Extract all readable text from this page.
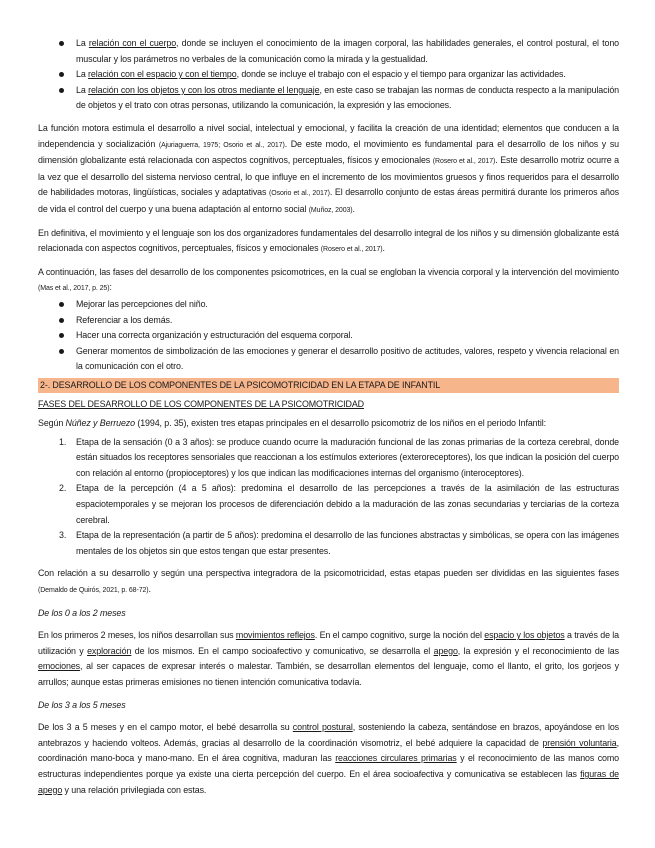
La relación con el cuerpo, donde se incluyen el conocimiento de la imagen corporal, las habilidades generales, el control postural, el tono muscular y los parámetros no verbales de la comunicación como la mirada y la gestualidad.
La relación con el espacio y con el tiempo, donde se incluye el trabajo con el espacio y el tiempo para organizar las actividades.
La relación con los objetos y con los otros mediante el lenguaje, en este caso se trabajan las normas de conducta respecto a la manipulación de objetos y el trato con otras personas, utilizando la comunicación, la expresión y las emociones.

La función motora estimula el desarrollo a nivel social, intelectual y emocional, y facilita la creación de una identidad; elementos que conducen a la independencia y socialización (Ajuriaguerra, 1975; Osorio et al., 2017). De este modo, el movimiento es fundamental para el desarrollo de los niños y su dimensión globalizante está relacionada con aspectos cognitivos, perceptuales, físicos y emocionales (Rosero et al., 2017). Este desarrollo motriz ocurre a la vez que el desarrollo del sistema nervioso central, lo que influye en el incremento de los movimientos gruesos y finos requeridos para el desarrollo de habilidades motoras, lingüísticas, sociales y adaptativas (Osorio et al., 2017). El desarrollo conjunto de estas áreas permitirá durante los primeros años de vida el control del cuerpo y una buena adaptación al entorno social (Muñoz, 2003).

En definitiva, el movimiento y el lenguaje son los dos organizadores fundamentales del desarrollo integral de los niños y su dimensión globalizante está relacionada con aspectos cognitivos, perceptuales, físicos y emocionales (Rosero et al., 2017).

A continuación, las fases del desarrollo de los componentes psicomotrices, en la cual se engloban la vivencia corporal y la intervención del movimiento (Mas et al., 2017, p. 25):

Mejorar las percepciones del niño.
Referenciar a los demás.
Hacer una correcta organización y estructuración del esquema corporal.
Generar momentos de simbolización de las emociones y generar el desarrollo positivo de actitudes, valores, respeto y vivencia relacional en la comunicación con el otro.
2-. DESARROLLO DE LOS COMPONENTES DE LA PSICOMOTRICIDAD EN LA ETAPA DE INFANTIL
FASES DEL DESARROLLO DE LOS COMPONENTES DE LA PSICOMOTRICIDAD

Según Núñez y Berruezo (1994, p. 35), existen tres etapas principales en el desarrollo psicomotriz de los niños en el periodo Infantil:

1. Etapa de la sensación (0 a 3 años): se produce cuando ocurre la maduración funcional de las zonas primarias de la corteza cerebral, donde están situados los receptores sensoriales que reaccionan a los estímulos exteriores (exteroreceptores), los que indican la posición del cuerpo con relación al entorno (propioceptores) y los que indican las modificaciones internas del organismo (interoceptores).
2. Etapa de la percepción (4 a 5 años): predomina el desarrollo de las percepciones a través de la asimilación de las estructuras espaciotemporales y se mejoran los procesos de diferenciación debido a la maduración de las zonas secundarias y terciarias de la corteza cerebral.
3. Etapa de la representación (a partir de 5 años): predomina el desarrollo de las funciones abstractas y simbólicas, se opera con las imágenes mentales de los objetos sin que estos tengan que estar presentes.

Con relación a su desarrollo y según una perspectiva integradora de la psicomotricidad, estas etapas pueden ser divididas en las siguientes fases (Demaldo de Quirós, 2021, p. 68-72).

De los 0 a los 2 meses

En los primeros 2 meses, los niños desarrollan sus movimientos reflejos. En el campo cognitivo, surge la noción del espacio y los objetos a través de la utilización y exploración de los mismos. En el campo socioafectivo y comunicativo, se desarrolla el apego, la expresión y el reconocimiento de las emociones, al ser capaces de expresar interés o malestar. También, se desarrollan elementos del lenguaje, como el llanto, el grito, los gorjeos y arrullos; aunque estas primeras emisiones no tienen intención comunicativa todavía.

De los 3 a los 5 meses

De los 3 a 5 meses y en el campo motor, el bebé desarrolla su control postural, sosteniendo la cabeza, sentándose en brazos, apoyándose en los antebrazos y haciendo volteos. Además, gracias al desarrollo de la coordinación visomotriz, el bebé adquiere la capacidad de prensión voluntaria, coordinación mano-boca y mano-mano. En el área cognitiva, maduran las reacciones circulares primarias y el reconocimiento de las manos como estructuras independientes porque ya existe una cierta percepción del cuerpo. En el área socioafectiva y comunicativa se establecen las figuras de apego y una relación privilegiada con estas.
